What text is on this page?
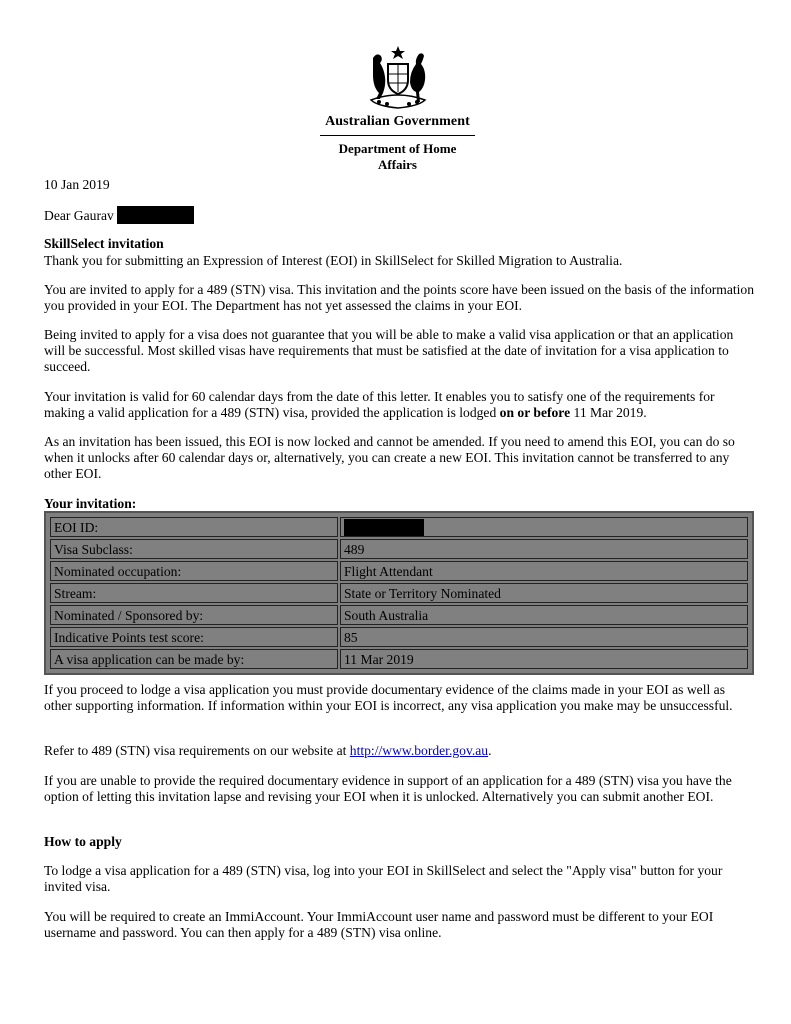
Australian Government
Department of Home Affairs

10 Jan 2019

Dear Gaurav

SkillSelect invitation

Thank you for submitting an Expression of Interest (EOI) in SkillSelect for Skilled Migration to Australia.

You are invited to apply for a 489 (STN) visa. This invitation and the points score have been issued on the basis of the information you provided in your EOI. The Department has not yet assessed the claims in your EOI.

Being invited to apply for a visa does not guarantee that you will be able to make a valid visa application or that an application will be successful. Most skilled visas have requirements that must be satisfied at the date of invitation for a visa application to succeed.

Your invitation is valid for 60 calendar days from the date of this letter. It enables you to satisfy one of the requirements for making a valid application for a 489 (STN) visa, provided the application is lodged on or before 11 Mar 2019.

As an invitation has been issued, this EOI is now locked and cannot be amended. If you need to amend this EOI, you can do so when it unlocks after 60 calendar days or, alternatively, you can create a new EOI. This invitation cannot be transferred to any other EOI.

Your invitation:

EOI ID:	
Visa Subclass:	489
Nominated occupation:	Flight Attendant
Stream:	State or Territory Nominated
Nominated / Sponsored by:	South Australia
Indicative Points test score:	85
A visa application can be made by:	11 Mar 2019

If you proceed to lodge a visa application you must provide documentary evidence of the claims made in your EOI as well as other supporting information. If information within your EOI is incorrect, any visa application you make may be unsuccessful.

Refer to 489 (STN) visa requirements on our website at http://www.border.gov.au.

If you are unable to provide the required documentary evidence in support of an application for a 489 (STN) visa you have the option of letting this invitation lapse and revising your EOI when it is unlocked. Alternatively you can submit another EOI.

How to apply

To lodge a visa application for a 489 (STN) visa, log into your EOI in SkillSelect and select the "Apply visa" button for your invited visa.

You will be required to create an ImmiAccount. Your ImmiAccount user name and password must be different to your EOI username and password. You can then apply for a 489 (STN) visa online.
